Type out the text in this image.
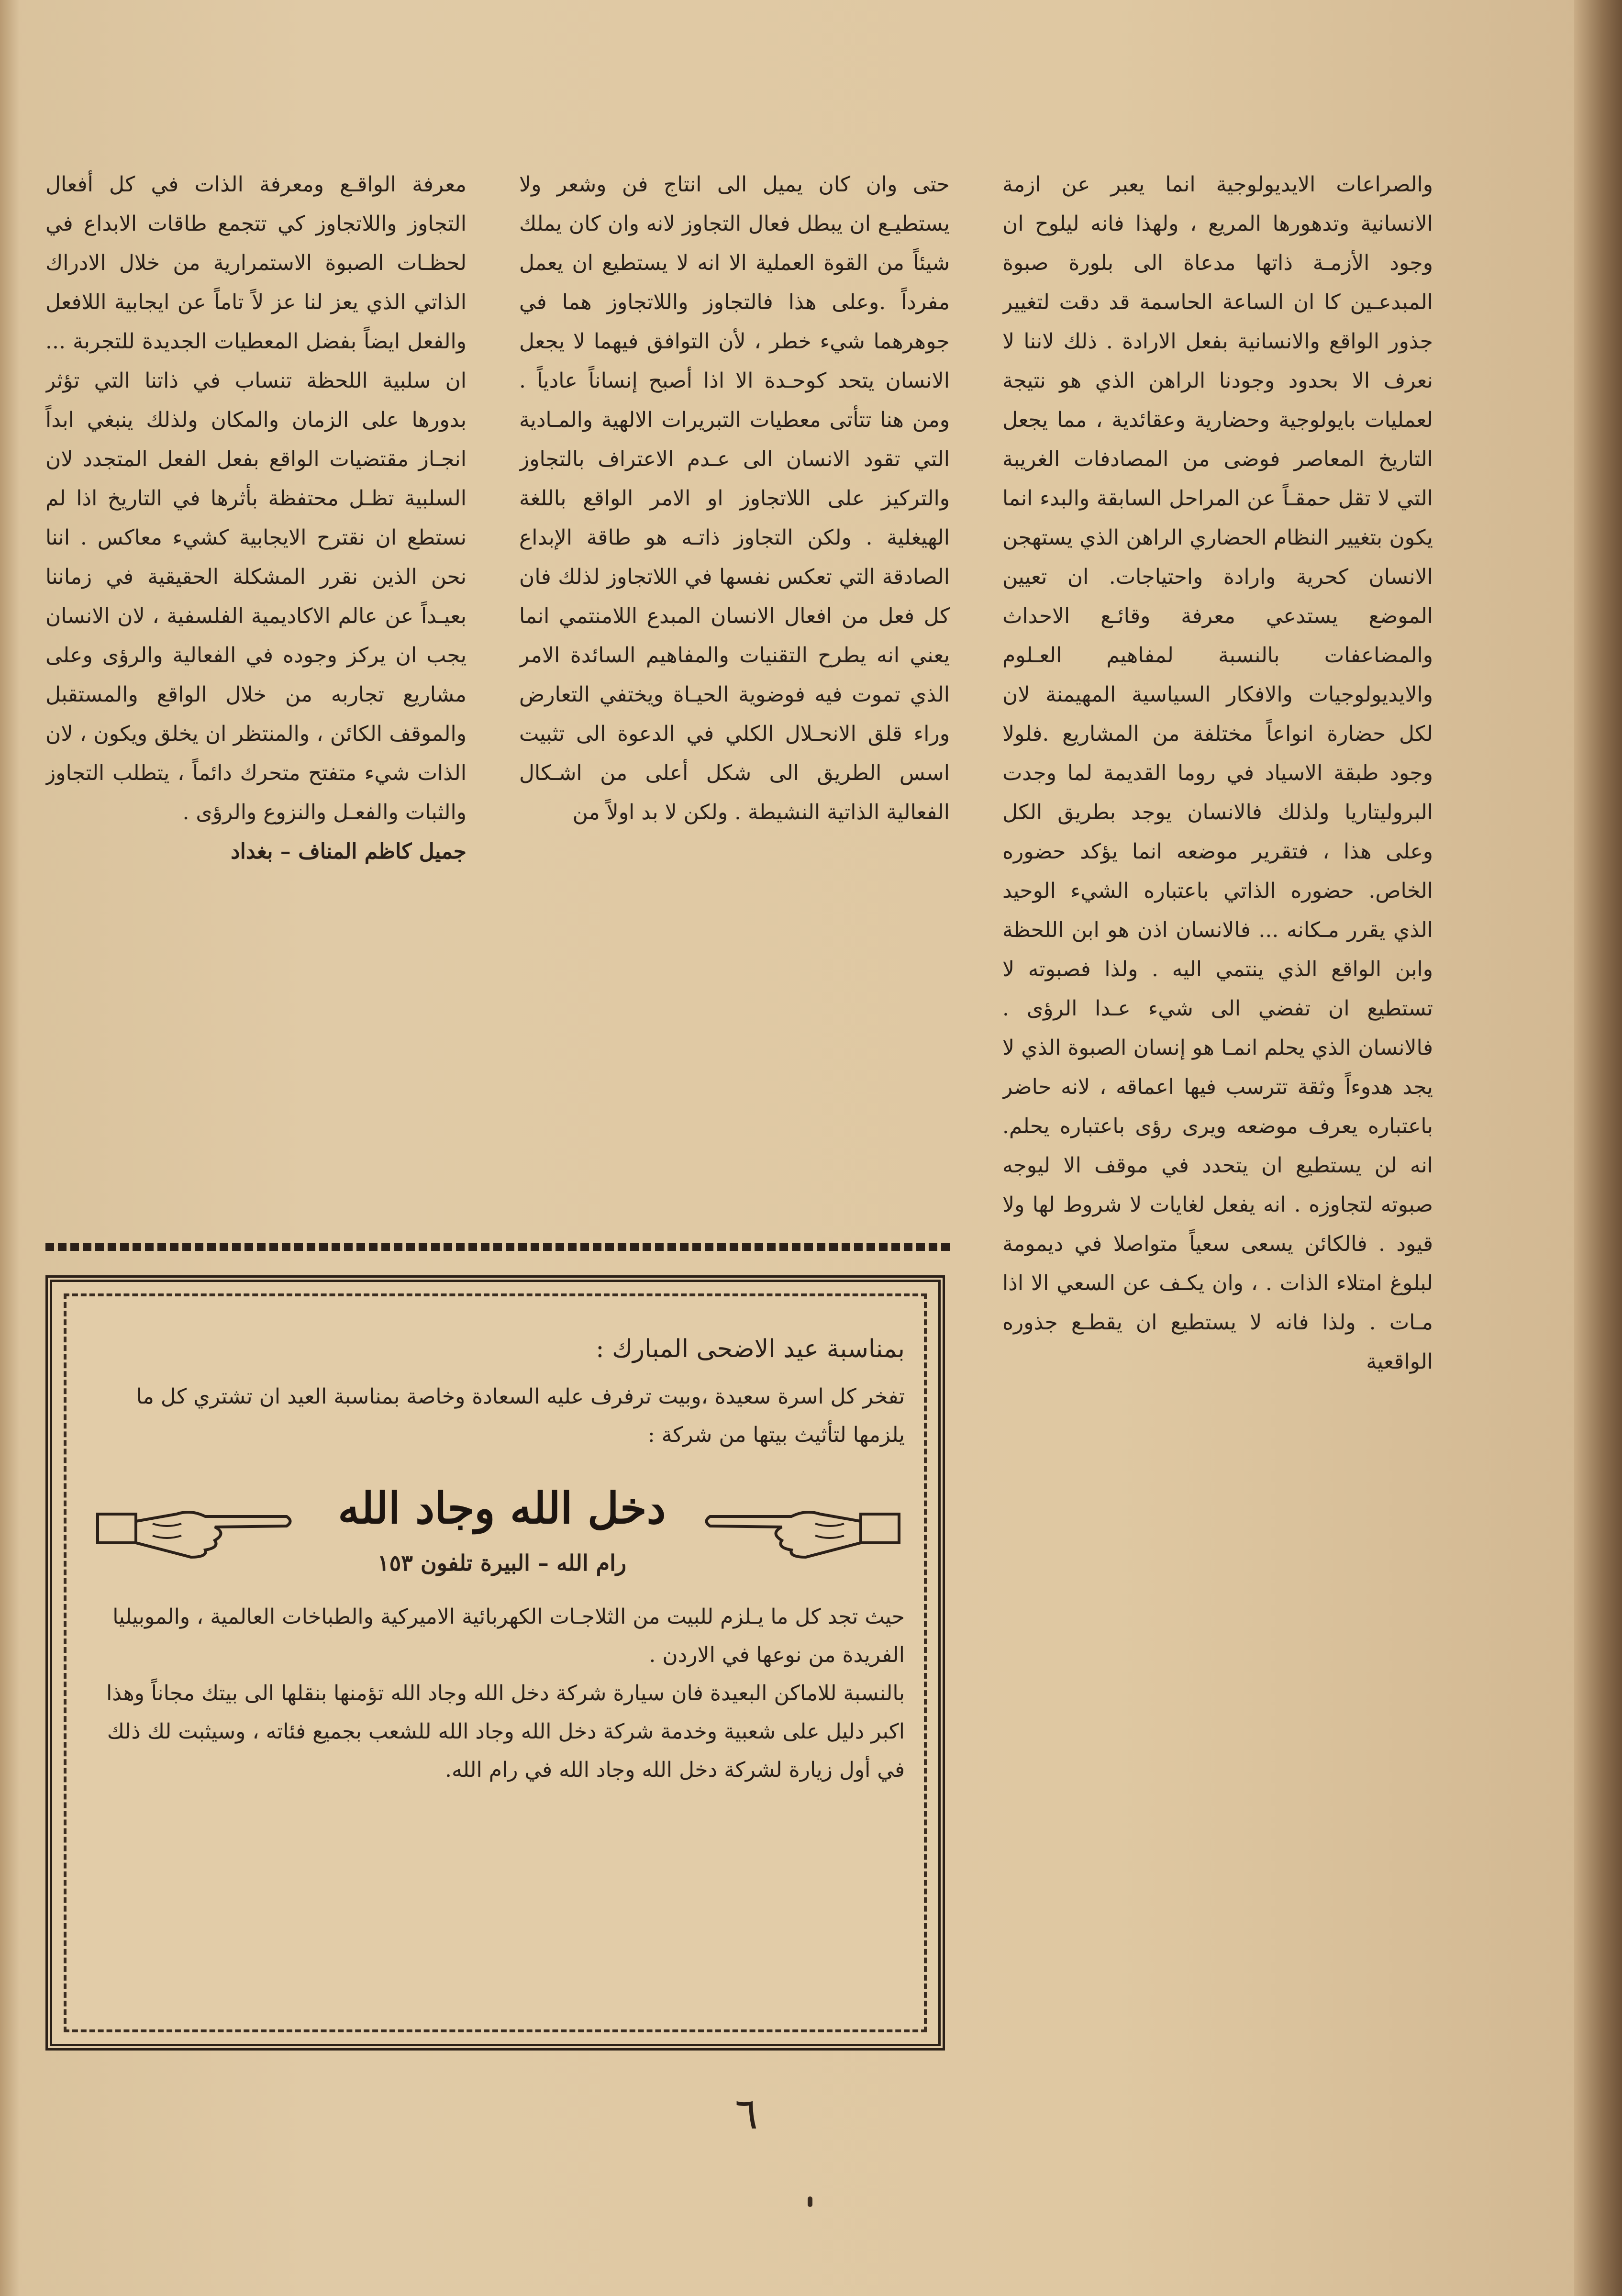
والصراعات الايديولوجية انما يعبر عن ازمة الانسانية وتدهورها المريع ، ولهذا فانه ليلوح ان وجود الأزمـة ذاتها مدعاة الى بلورة صبوة المبدعـين كا ان الساعة الحاسمة قد دقت لتغيير جذور الواقع والانسانية بفعل الارادة . ذلك لاننا لا نعرف الا بحدود وجودنا الراهن الذي هو نتيجة لعمليات بايولوجية وحضارية وعقائدية ، مما يجعل التاريخ المعاصر فوضى من المصادفات الغريبة التي لا تقل حمقـاً عن المراحل السابقة والبدء انما يكون بتغيير النظام الحضاري الراهن الذي يستهجن الانسان كحرية وارادة واحتياجات. ان تعيين الموضع يستدعي معرفة وقائـع الاحداث والمضاعفات بالنسبة لمفاهيم العـلوم والايديولوجيات والافكار السياسية المهيمنة لان لكل حضارة انواعاً مختلفة من المشاريع .فلولا وجود طبقة الاسياد في روما القديمة لما وجدت البروليتاريا ولذلك فالانسان يوجد بطريق الكل وعلى هذا ، فتقرير موضعه انما يؤكد حضوره الخاص. حضوره الذاتي باعتباره الشيء الوحيد الذي يقرر مـكانه ... فالانسان اذن هو ابن اللحظة وابن الواقع الذي ينتمي اليه . ولذا فصبوته لا تستطيع ان تفضي الى شيء عـدا الرؤى . فالانسان الذي يحلم انمـا هو إنسان الصبوة الذي لا يجد هدوءاً وثقة تترسب فيها اعماقه ، لانه حاضر باعتباره يعرف موضعه ويرى رؤى باعتباره يحلم. انه لن يستطيع ان يتحدد في موقف الا ليوجه صبوته لتجاوزه . انه يفعل لغايات لا شروط لها ولا قيود . فالكائن يسعى سعياً متواصلا في ديمومة لبلوغ امتلاء الذات . ، وان يكـف عن السعي الا اذا مـات . ولذا فانه لا يستطيع ان يقطـع جذوره الواقعية

حتى وان كان يميل الى انتاج فن وشعر ولا يستطيـع ان يبطل فعال التجاوز لانه وان كان يملك شيئاً من القوة العملية الا انه لا يستطيع ان يعمل مفرداً .وعلى هذا فالتجاوز واللاتجاوز هما في جوهرهما شيء خطر ، لأن التوافق فيهما لا يجعل الانسان يتحد كوحـدة الا اذا أصبح إنساناً عادياً . ومن هنا تتأتى معطيات التبريرات الالهية والمـادية التي تقود الانسان الى عـدم الاعتراف بالتجاوز والتركيز على اللاتجاوز او الامر الواقع باللغة الهيغلية . ولكن التجاوز ذاتـه هو طاقة الإبداع الصادقة التي تعكس نفسها في اللاتجاوز لذلك فان كل فعل من افعال الانسان المبدع اللامنتمي انما يعني انه يطرح التقنيات والمفاهيم السائدة الامر الذي تموت فيه فوضوية الحيـاة ويختفي التعارض وراء قلق الانحـلال الكلي في الدعوة الى تثبيت اسس الطريق الى شكل أعلى من اشـكال الفعالية الذاتية النشيطة . ولكن لا بد اولاً من

معرفة الواقـع ومعرفة الذات في كل أفعال التجاوز واللاتجاوز كي تتجمع طاقات الابداع في لحظـات الصبوة الاستمرارية من خلال الادراك الذاتي الذي يعز لنا عز لاً تاماً عن ايجابية اللافعل والفعل ايضاً بفضل المعطيات الجديدة للتجربة ... ان سلبية اللحظة تنساب في ذاتنا التي تؤثر بدورها على الزمان والمكان ولذلك ينبغي ابداً انجـاز مقتضيات الواقع بفعل الفعل المتجدد لان السلبية تظـل محتفظة بأثرها في التاريخ اذا لم نستطع ان نقترح الايجابية كشيء معاكس . اننا نحن الذين نقرر المشكلة الحقيقية في زماننا بعيـداً عن عالم الاكاديمية الفلسفية ، لان الانسان يجب ان يركز وجوده في الفعالية والرؤى وعلى مشاريع تجاربه من خلال الواقع والمستقبل والموقف الكائن ، والمنتظر ان يخلق ويكون ، لان الذات شيء متفتح متحرك دائماً ، يتطلب التجاوز والثبات والفعـل والنزوع والرؤى .

جميل كاظم المناف – بغداد

بمناسبة عيد الاضحى المبارك :
تفخر كل اسرة سعيدة ،وبيت ترفرف عليه السعادة وخاصة بمناسبة العيد ان تشتري كل ما يلزمها لتأثيث بيتها من شركة :
دخل الله وجاد الله
رام الله – البيرة تلفون ١٥٣

حيث تجد كل ما يـلزم للبيت من الثلاجـات الكهربائية الاميركية والطباخات العالمية ، والموبيليا الفريدة من نوعها في الاردن .

بالنسبة للاماكن البعيدة فان سيارة شركة دخل الله وجاد الله تؤمنها بنقلها الى بيتك مجاناً وهذا اكبر دليل على شعبية وخدمة شركة دخل الله وجاد الله للشعب بجميع فئاته ، وسيثبت لك ذلك في أول زيارة لشركة دخل الله وجاد الله في رام الله.

٦
